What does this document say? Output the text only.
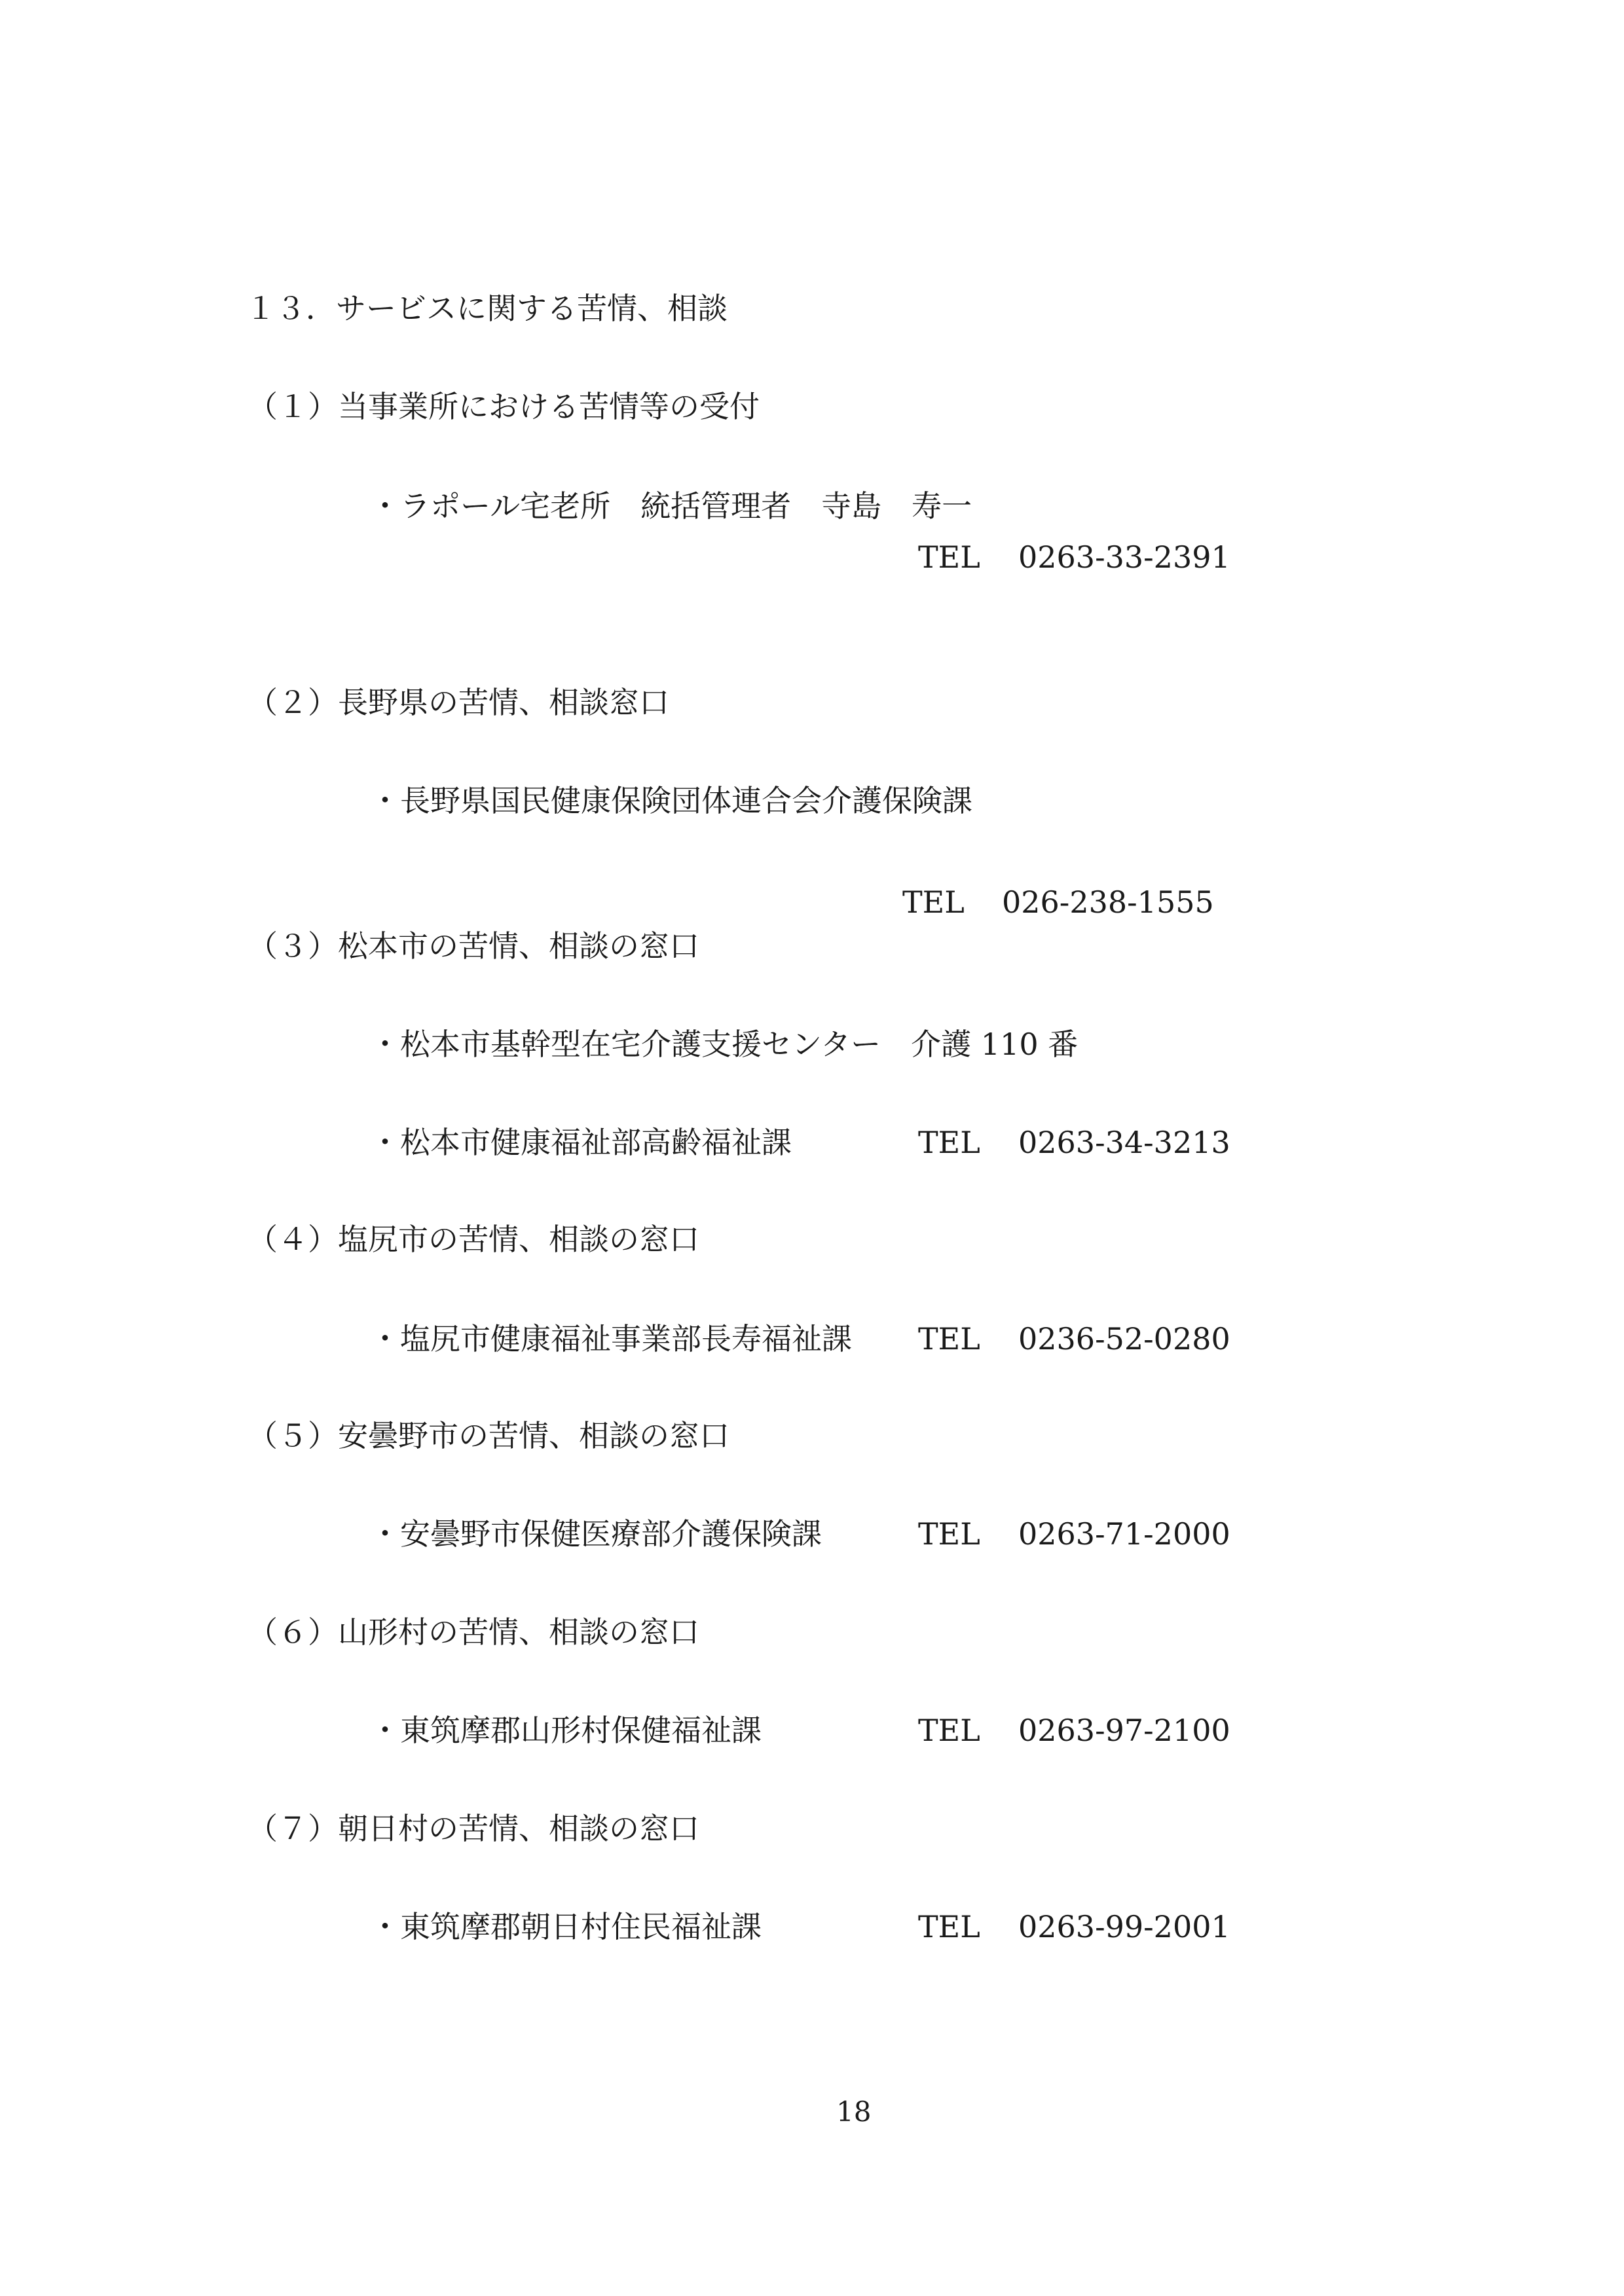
１３．サービスに関する苦情、相談
（１）当事業所における苦情等の受付
・ラポール宅老所　統括管理者　寺島　寿一
TEL 0263-33-2391
（２）長野県の苦情、相談窓口
・長野県国民健康保険団体連合会介護保険課
TEL 026-238-1555
（３）松本市の苦情、相談の窓口
・松本市基幹型在宅介護支援センター　介護 110 番
・松本市健康福祉部高齢福祉課	TEL 0263-34-3213
（４）塩尻市の苦情、相談の窓口
・塩尻市健康福祉事業部長寿福祉課 TEL 0236-52-0280
（５）安曇野市の苦情、相談の窓口
・安曇野市保健医療部介護保険課	TEL 0263-71-2000
（６）山形村の苦情、相談の窓口
・東筑摩郡山形村保健福祉課	TEL 0263-97-2100
（７）朝日村の苦情、相談の窓口
・東筑摩郡朝日村住民福祉課	TEL 0263-99-2001
18
